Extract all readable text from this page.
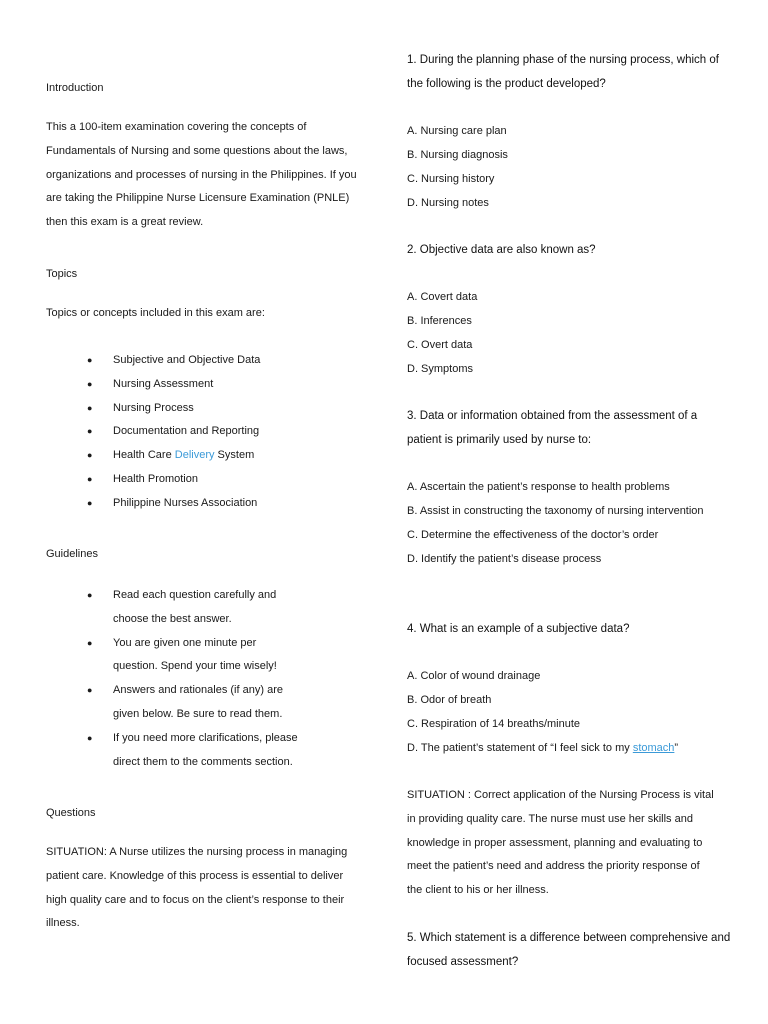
Introduction
This a 100-item examination covering the concepts of Fundamentals of Nursing and some questions about the laws, organizations and processes of nursing in the Philippines. If you are taking the Philippine Nurse Licensure Examination (PNLE) then this exam is a great review.
Topics
Topics or concepts included in this exam are:
● Subjective and Objective Data
● Nursing Assessment
● Nursing Process
● Documentation and Reporting
● Health Care Delivery System
● Health Promotion
● Philippine Nurses Association
Guidelines
● Read each question carefully and choose the best answer.
● You are given one minute per question. Spend your time wisely!
● Answers and rationales (if any) are given below. Be sure to read them.
● If you need more clarifications, please direct them to the comments section.
Questions
SITUATION: A Nurse utilizes the nursing process in managing patient care. Knowledge of this process is essential to deliver high quality care and to focus on the client’s response to their illness.
1. During the planning phase of the nursing process, which of the following is the product developed?
A. Nursing care plan
B. Nursing diagnosis
C. Nursing history
D. Nursing notes
2. Objective data are also known as?
A. Covert data
B. Inferences
C. Overt data
D. Symptoms
3. Data or information obtained from the assessment of a patient is primarily used by nurse to:
A. Ascertain the patient’s response to health problems
B. Assist in constructing the taxonomy of nursing intervention
C. Determine the effectiveness of the doctor’s order
D. Identify the patient’s disease process
4. What is an example of a subjective data?
A. Color of wound drainage
B. Odor of breath
C. Respiration of 14 breaths/minute
D. The patient’s statement of “I feel sick to my stomach”
SITUATION : Correct application of the Nursing Process is vital in providing quality care. The nurse must use her skills and knowledge in proper assessment, planning and evaluating to meet the patient’s need and address the priority response of the client to his or her illness.
5. Which statement is a difference between comprehensive and focused assessment?
